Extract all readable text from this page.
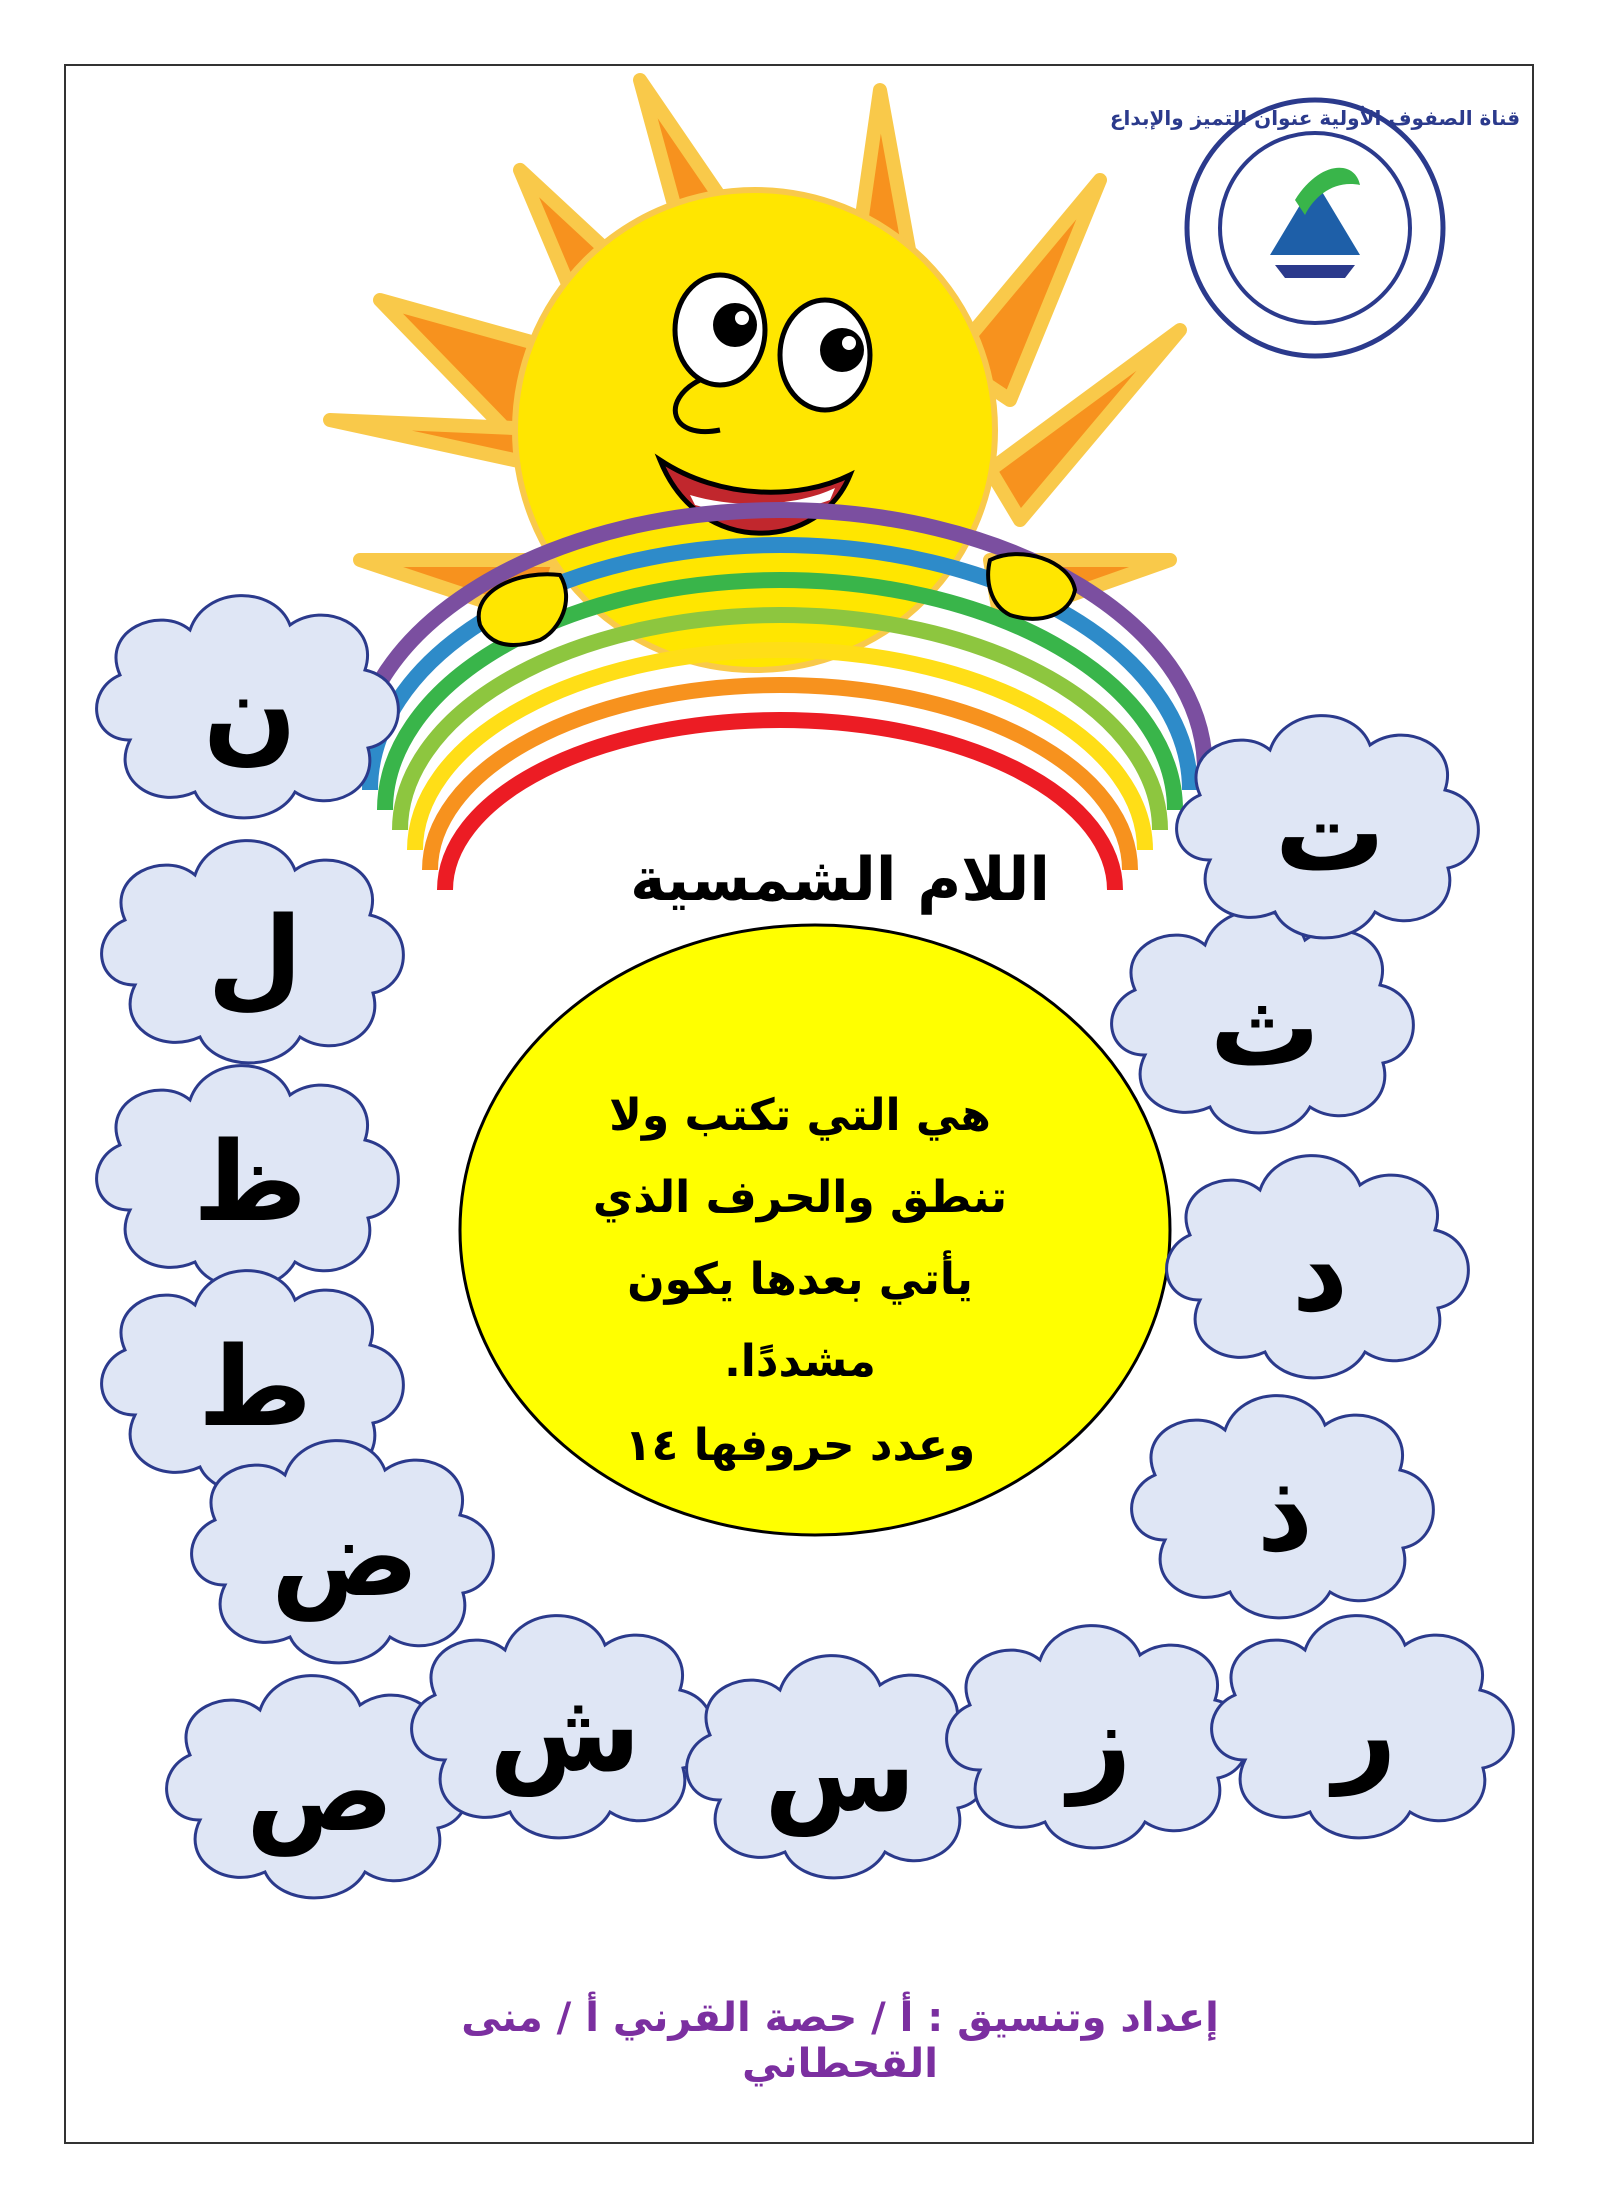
قناة الصفوف الأولية عنوان التميز والإبداع
ن
ل
ظ
ط
ض
ص ش س ز ر
ذ
د
ث
ت
اللام الشمسية
هي التي تكتب ولا
تنطق والحرف الذي
يأتي بعدها يكون
مشددًا.
وعدد حروفها ١٤
إعداد وتنسيق : أ / حصة القرني أ / منى القحطاني
